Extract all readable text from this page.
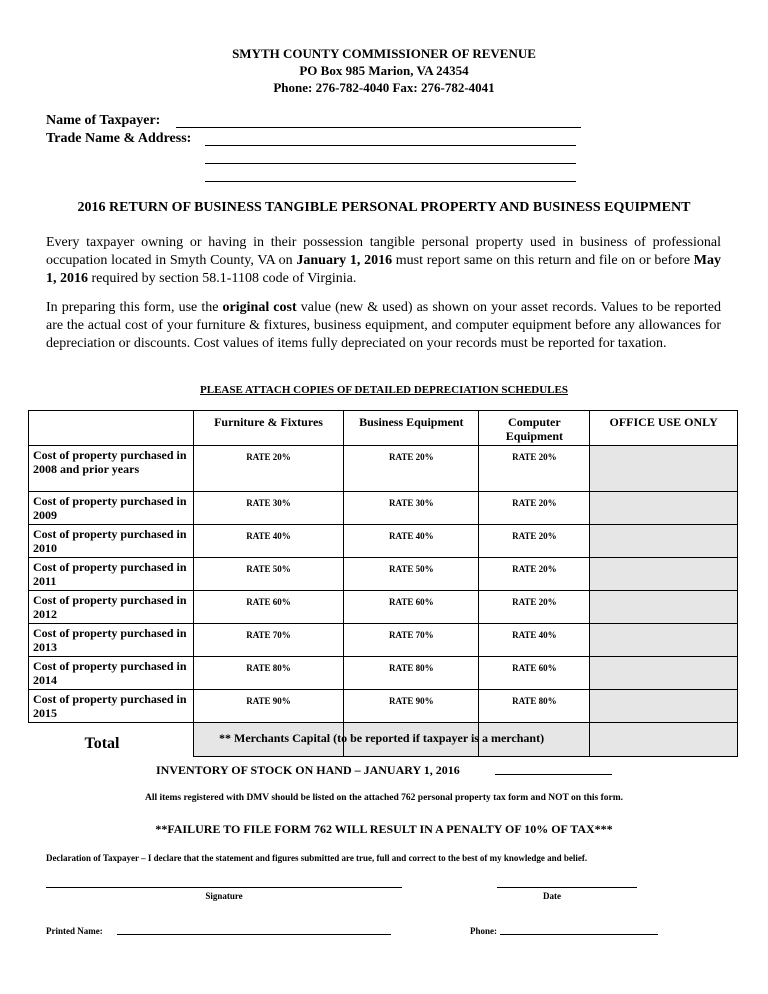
SMYTH COUNTY COMMISSIONER OF REVENUE
PO Box 985 Marion, VA 24354
Phone: 276-782-4040 Fax: 276-782-4041
Name of Taxpayer:
Trade Name & Address:
2016 RETURN OF BUSINESS TANGIBLE PERSONAL PROPERTY AND BUSINESS EQUIPMENT
Every taxpayer owning or having in their possession tangible personal property used in business of professional occupation located in Smyth County, VA on January 1, 2016 must report same on this return and file on or before May 1, 2016 required by section 58.1-1108 code of Virginia.
In preparing this form, use the original cost value (new & used) as shown on your asset records. Values to be reported are the actual cost of your furniture & fixtures, business equipment, and computer equipment before any allowances for depreciation or discounts. Cost values of items fully depreciated on your records must be reported for taxation.
PLEASE ATTACH COPIES OF DETAILED DEPRECIATION SCHEDULES
	Furniture & Fixtures	Business Equipment	Computer Equipment	OFFICE USE ONLY
Cost of property purchased in 2008 and prior years	RATE 20%	RATE 20%	RATE 20%	
Cost of property purchased in 2009	RATE 30%	RATE 30%	RATE 20%	
Cost of property purchased in 2010	RATE 40%	RATE 40%	RATE 20%	
Cost of property purchased in 2011	RATE 50%	RATE 50%	RATE 20%	
Cost of property purchased in 2012	RATE 60%	RATE 60%	RATE 20%	
Cost of property purchased in 2013	RATE 70%	RATE 70%	RATE 40%	
Cost of property purchased in 2014	RATE 80%	RATE 80%	RATE 60%	
Cost of property purchased in 2015	RATE 90%	RATE 90%	RATE 80%	
Total					** Merchants Capital (to be reported if taxpayer is a merchant)
INVENTORY OF STOCK ON HAND – JANUARY 1, 2016
All items registered with DMV should be listed on the attached 762 personal property tax form and NOT on this form.
**FAILURE TO FILE FORM 762 WILL RESULT IN A PENALTY OF 10% OF TAX***
Declaration of Taxpayer – I declare that the statement and figures submitted are true, full and correct to the best of my knowledge and belief.
Signature	Date
Printed Name:	Phone:
